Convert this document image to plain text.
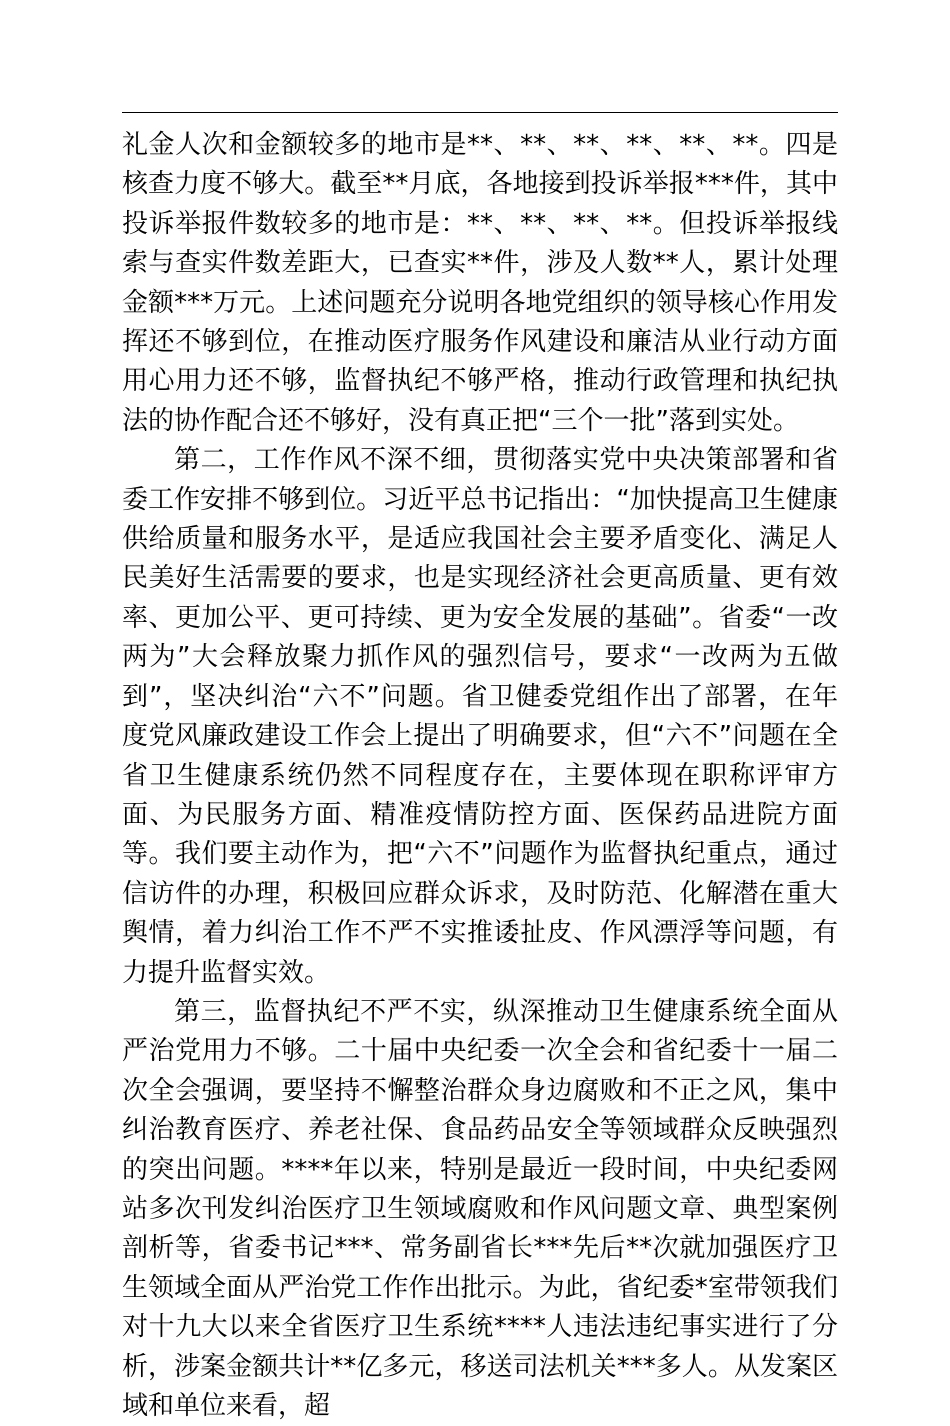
礼金人次和金额较多的地市是**、**、**、**、**、**。四是核查力度不够大。截至**月底，各地接到投诉举报***件，其中投诉举报件数较多的地市是：**、**、**、**。但投诉举报线索与查实件数差距大，已查实**件，涉及人数**人，累计处理金额***万元。上述问题充分说明各地党组织的领导核心作用发挥还不够到位，在推动医疗服务作风建设和廉洁从业行动方面用心用力还不够，监督执纪不够严格，推动行政管理和执纪执法的协作配合还不够好，没有真正把“三个一批”落到实处。

第二，工作作风不深不细，贯彻落实党中央决策部署和省委工作安排不够到位。习近平总书记指出：“加快提高卫生健康供给质量和服务水平，是适应我国社会主要矛盾变化、满足人民美好生活需要的要求，也是实现经济社会更高质量、更有效率、更加公平、更可持续、更为安全发展的基础”。省委“一改两为”大会释放聚力抓作风的强烈信号，要求“一改两为五做到”，坚决纠治“六不”问题。省卫健委党组作出了部署，在年度党风廉政建设工作会上提出了明确要求，但“六不”问题在全省卫生健康系统仍然不同程度存在，主要体现在职称评审方面、为民服务方面、精准疫情防控方面、医保药品进院方面等。我们要主动作为，把“六不”问题作为监督执纪重点，通过信访件的办理，积极回应群众诉求，及时防范、化解潜在重大舆情，着力纠治工作不严不实推诿扯皮、作风漂浮等问题，有力提升监督实效。

第三，监督执纪不严不实，纵深推动卫生健康系统全面从严治党用力不够。二十届中央纪委一次全会和省纪委十一届二次全会强调，要坚持不懈整治群众身边腐败和不正之风，集中纠治教育医疗、养老社保、食品药品安全等领域群众反映强烈的突出问题。****年以来，特别是最近一段时间，中央纪委网站多次刊发纠治医疗卫生领域腐败和作风问题文章、典型案例剖析等，省委书记***、常务副省长***先后**次就加强医疗卫生领域全面从严治党工作作出批示。为此，省纪委*室带领我们对十九大以来全省医疗卫生系统****人违法违纪事实进行了分析，涉案金额共计**亿多元，移送司法机关***多人。从发案区域和单位来看，超
